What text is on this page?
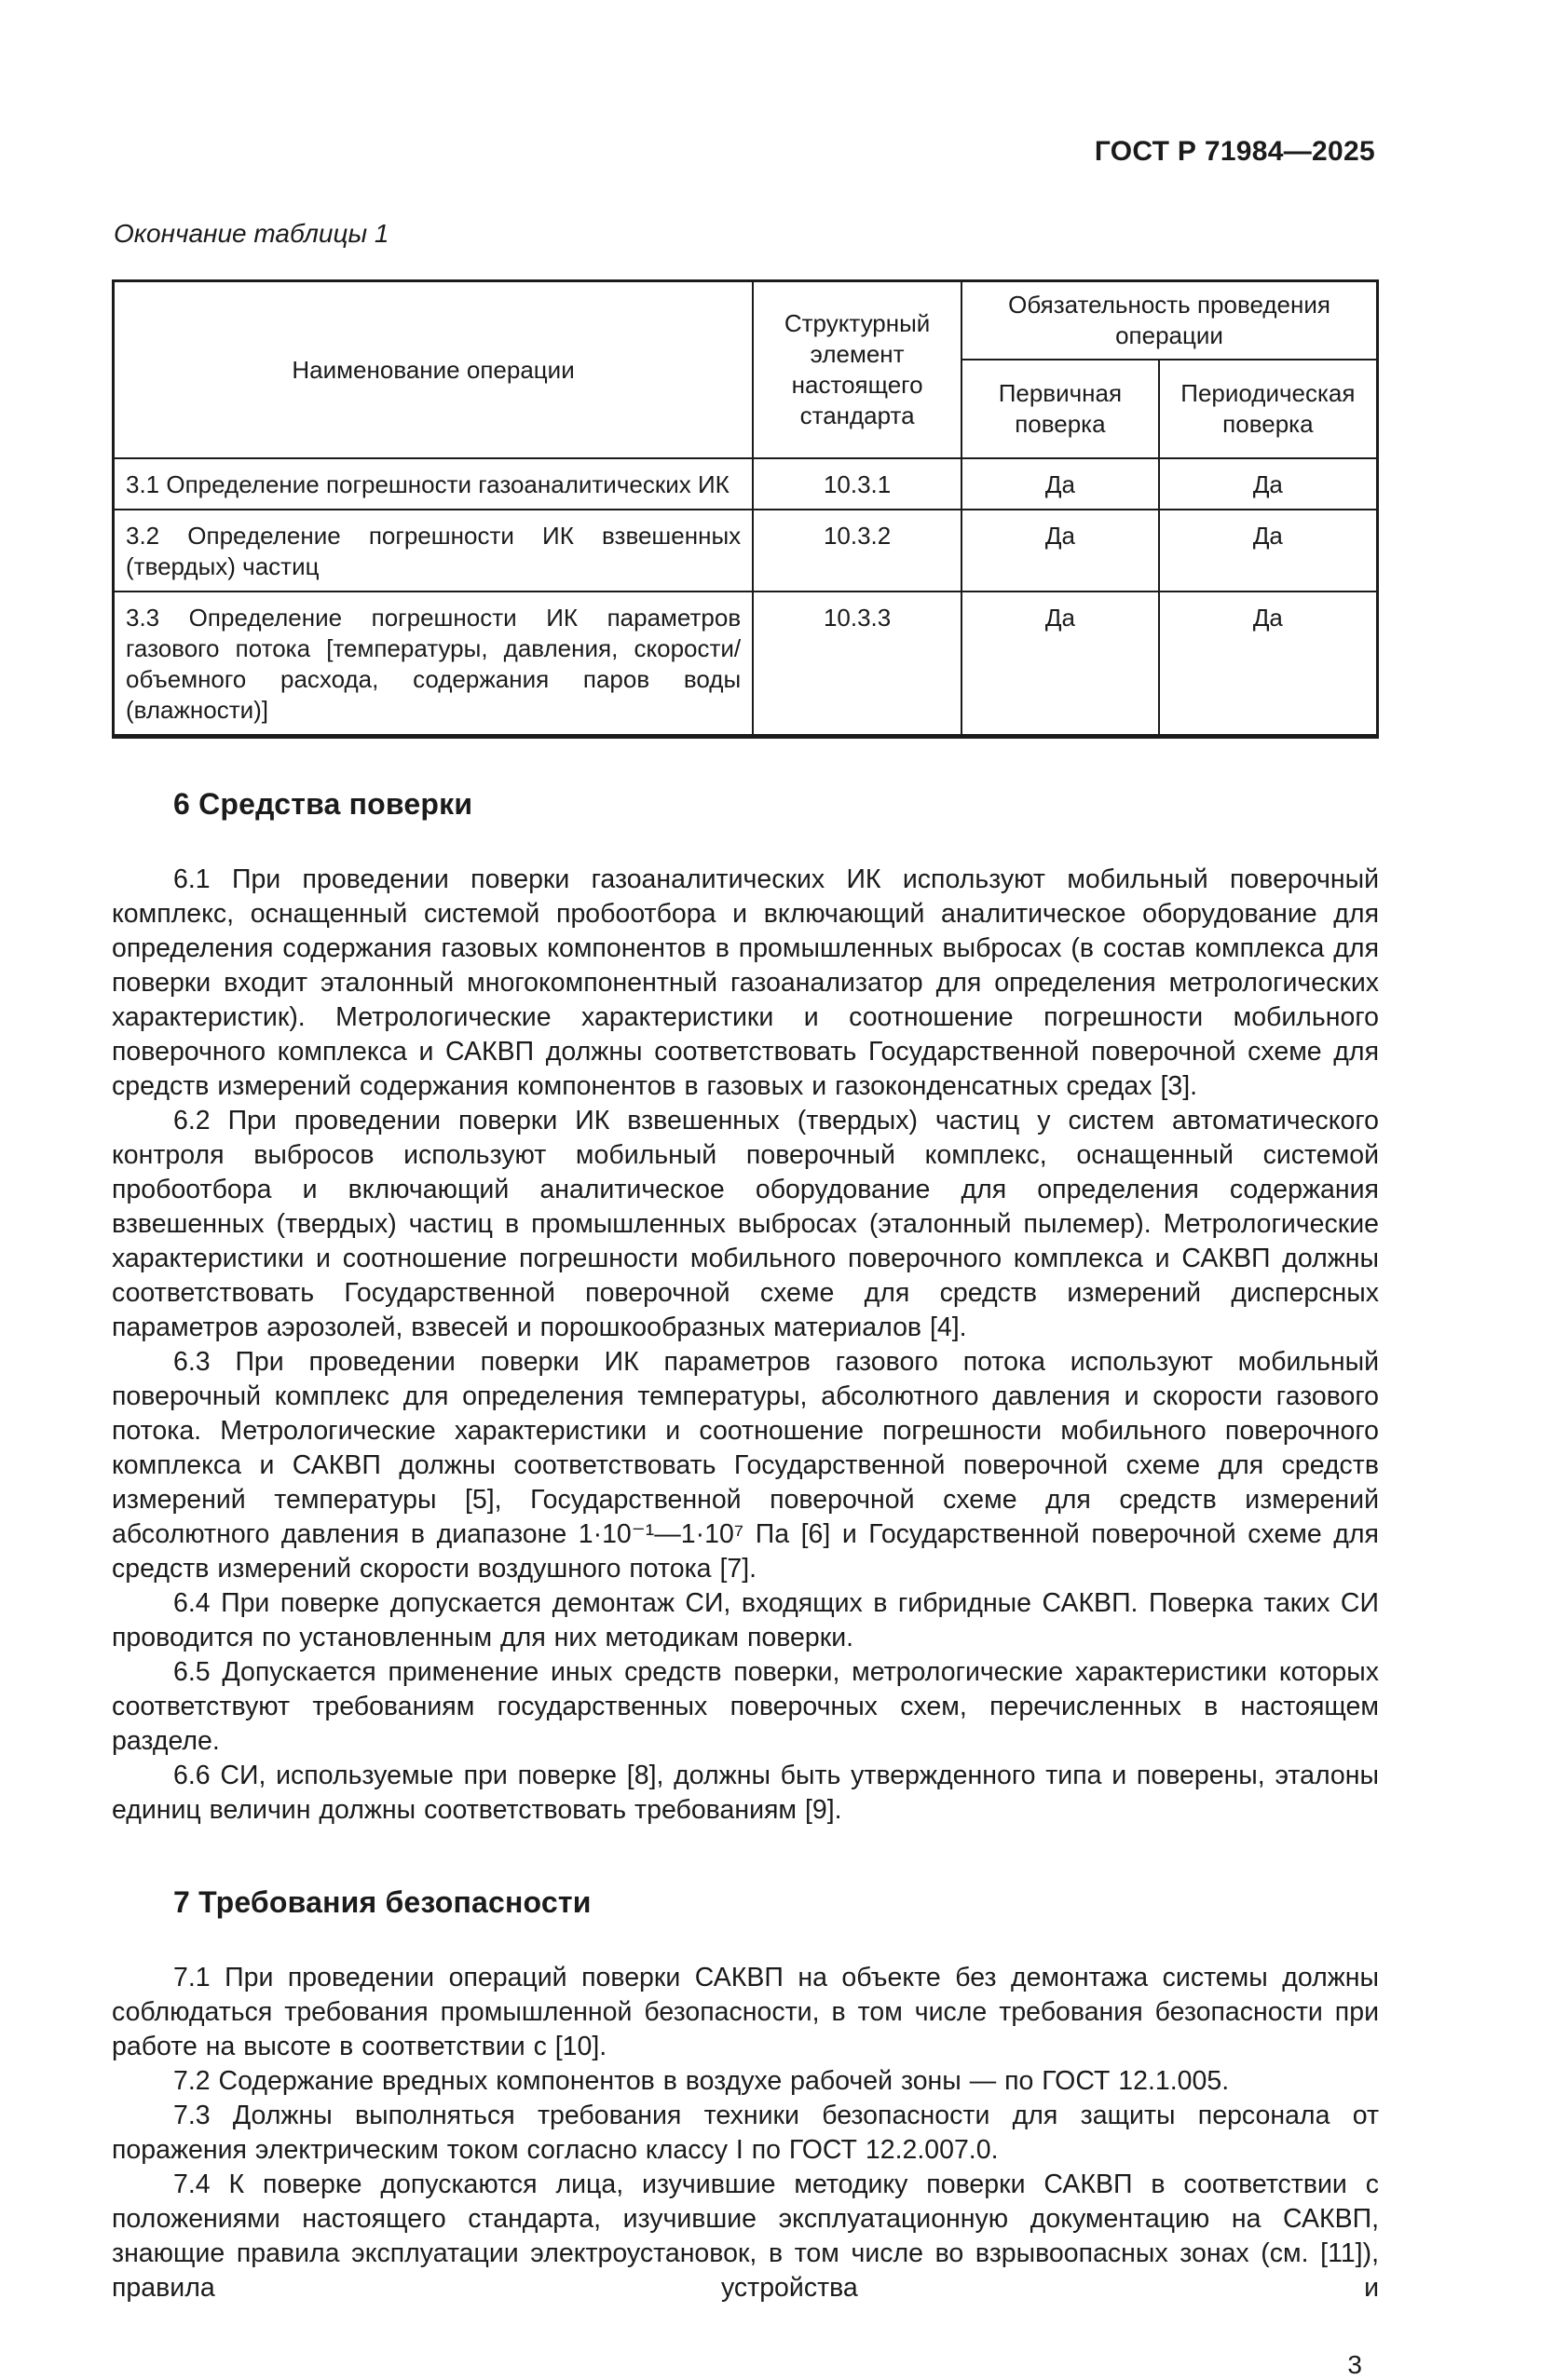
ГОСТ Р 71984—2025
Окончание таблицы 1
Наименование операции	Структурный элемент настоящего стандарта	Обязательность проведения операции	
		Первичная поверка	Периодическая поверка
3.1 Определение погрешности газоаналитических ИК	10.3.1	Да	Да
3.2 Определение погрешности ИК взвешенных (твердых) частиц	10.3.2	Да	Да
3.3 Определение погрешности ИК параметров газового потока [температуры, давления, скорости/объемного расхода, содержания паров воды (влажности)]	10.3.3	Да	Да
6 Средства поверки

6.1 При проведении поверки газоаналитических ИК используют мобильный поверочный комплекс, оснащенный системой пробоотбора и включающий аналитическое оборудование для определения содержания газовых компонентов в промышленных выбросах (в состав комплекса для поверки входит эталонный многокомпонентный газоанализатор для определения метрологических характеристик). Метрологические характеристики и соотношение погрешности мобильного поверочного комплекса и САКВП должны соответствовать Государственной поверочной схеме для средств измерений содержания компонентов в газовых и газоконденсатных средах [3].

6.2 При проведении поверки ИК взвешенных (твердых) частиц у систем автоматического контроля выбросов используют мобильный поверочный комплекс, оснащенный системой пробоотбора и включающий аналитическое оборудование для определения содержания взвешенных (твердых) частиц в промышленных выбросах (эталонный пылемер). Метрологические характеристики и соотношение погрешности мобильного поверочного комплекса и САКВП должны соответствовать Государственной поверочной схеме для средств измерений дисперсных параметров аэрозолей, взвесей и порошкообразных материалов [4].

6.3 При проведении поверки ИК параметров газового потока используют мобильный поверочный комплекс для определения температуры, абсолютного давления и скорости газового потока. Метрологические характеристики и соотношение погрешности мобильного поверочного комплекса и САКВП должны соответствовать Государственной поверочной схеме для средств измерений температуры [5], Государственной поверочной схеме для средств измерений абсолютного давления в диапазоне 1·10⁻¹—1·10⁷ Па [6] и Государственной поверочной схеме для средств измерений скорости воздушного потока [7].

6.4 При поверке допускается демонтаж СИ, входящих в гибридные САКВП. Поверка таких СИ проводится по установленным для них методикам поверки.

6.5 Допускается применение иных средств поверки, метрологические характеристики которых соответствуют требованиям государственных поверочных схем, перечисленных в настоящем разделе.

6.6 СИ, используемые при поверке [8], должны быть утвержденного типа и поверены, эталоны единиц величин должны соответствовать требованиям [9].

7 Требования безопасности

7.1 При проведении операций поверки САКВП на объекте без демонтажа системы должны соблюдаться требования промышленной безопасности, в том числе требования безопасности при работе на высоте в соответствии с [10].

7.2 Содержание вредных компонентов в воздухе рабочей зоны — по ГОСТ 12.1.005.

7.3 Должны выполняться требования техники безопасности для защиты персонала от поражения электрическим током согласно классу I по ГОСТ 12.2.007.0.

7.4 К поверке допускаются лица, изучившие методику поверки САКВП в соответствии с положениями настоящего стандарта, изучившие эксплуатационную документацию на САКВП, знающие правила эксплуатации электроустановок, в том числе во взрывоопасных зонах (см. [11]), правила устройства и

3
